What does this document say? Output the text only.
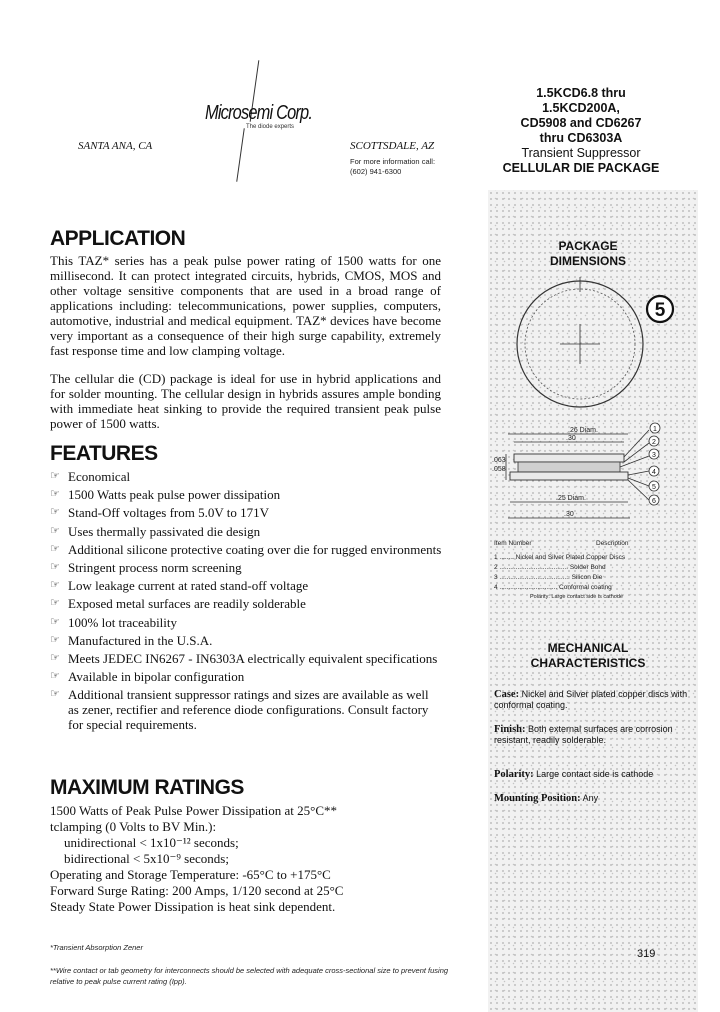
Microsemi Corp.
The diode experts
SANTA ANA, CA	SCOTTSDALE, AZ
For more information call:
(602) 941-6300
1.5KCD6.8 thru
1.5KCD200A,
CD5908 and CD6267
thru CD6303A
Transient Suppressor
CELLULAR DIE PACKAGE
APPLICATION
This TAZ* series has a peak pulse power rating of 1500 watts for one millisecond. It can protect integrated circuits, hybrids, CMOS, MOS and other voltage sensitive components that are used in a broad range of applications including: telecommunications, power supplies, computers, automotive, industrial and medical equipment. TAZ* devices have become very important as a consequence of their high surge capability, extremely fast response time and low clamping voltage.
The cellular die (CD) package is ideal for use in hybrid applications and for solder mounting. The cellular design in hybrids assures ample bonding with immediate heat sinking to provide the required transient peak pulse power of 1500 watts.
FEATURES
☞ Economical
☞ 1500 Watts peak pulse power dissipation
☞ Stand-Off voltages from 5.0V to 171V
☞ Uses thermally passivated die design
☞ Additional silicone protective coating over die for rugged environments
☞ Stringent process norm screening
☞ Low leakage current at rated stand-off voltage
☞ Exposed metal surfaces are readily solderable
☞ 100% lot traceability
☞ Manufactured in the U.S.A.
☞ Meets JEDEC IN6267 - IN6303A electrically equivalent specifications
☞ Available in bipolar configuration
☞ Additional transient suppressor ratings and sizes are available as well as zener, rectifier and reference diode configurations. Consult factory for special requirements.
MAXIMUM RATINGS
1500 Watts of Peak Pulse Power Dissipation at 25°C**
tclamping (0 Volts to BV Min.):
unidirectional < 1x10⁻¹² seconds;
bidirectional < 5x10⁻⁹ seconds;
Operating and Storage Temperature: -65°C to +175°C
Forward Surge Rating: 200 Amps, 1/120 second at 25°C
Steady State Power Dissipation is heat sink dependent.
*Transient Absorption Zener
**Wire contact or tab geometry for interconnects should be selected with adequate cross-sectional size to prevent fusing relative to peak pulse current rating (Ipp).
PACKAGE
DIMENSIONS
5
.26 Diam.
.30
.063
.058
.25 Diam.
.30
1
2
3
4
5
6
Item Number	Description
1 ........ Nickel and Silver Plated Copper Discs
2 ...................................... Solder Bond
3 ....................................... Silicon Die
4 ................................ Conformal coating
Polarity: Large contact side is cathode
MECHANICAL
CHARACTERISTICS
Case: Nickel and Silver plated copper discs with conformal coating.
Finish: Both external surfaces are corrosion resistant, readily solderable.
Polarity: Large contact side is cathode
Mounting Position: Any
319
